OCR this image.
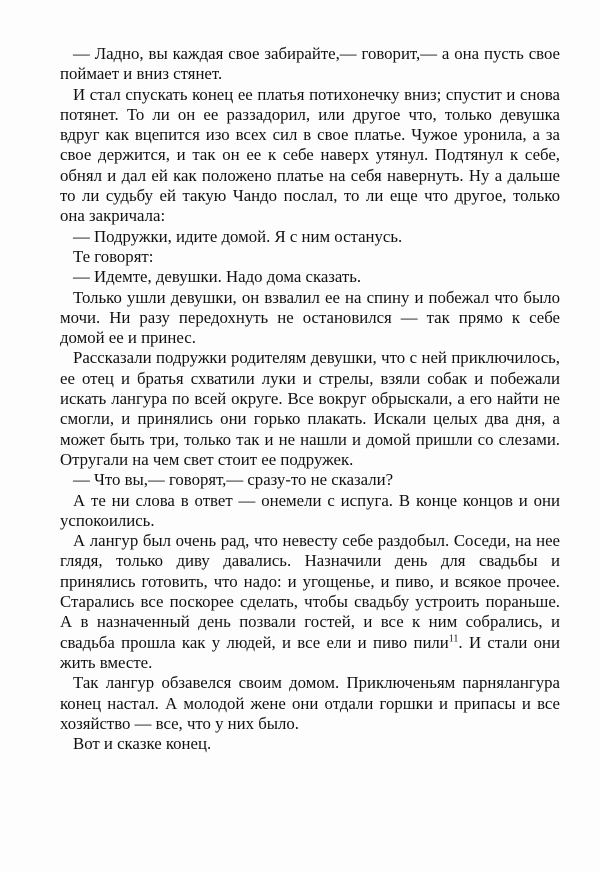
— Ладно, вы каждая свое забирайте,— говорит,— а она пусть свое поймает и вниз стянет.

И стал спускать конец ее платья потихонечку вниз; спустит и снова потянет. То ли он ее раззадорил, или другое что, только девушка вдруг как вцепится изо всех сил в свое платье. Чужое уронила, а за свое держится, и так он ее к себе наверх утянул. Подтянул к себе, обнял и дал ей как положено платье на себя навернуть. Ну а дальше то ли судьбу ей такую Чандо послал, то ли еще что другое, только она закричала:

— Подружки, идите домой. Я с ним останусь.

Те говорят:

— Идемте, девушки. Надо дома сказать.

Только ушли девушки, он взвалил ее на спину и побежал что было мочи. Ни разу передохнуть не остановился — так прямо к себе домой ее и принес.

Рассказали подружки родителям девушки, что с ней приключилось, ее отец и братья схватили луки и стрелы, взяли собак и побежали искать лангура по всей округе. Все вокруг обрыскали, а его найти не смогли, и принялись они горько плакать. Искали целых два дня, а может быть три, только так и не нашли и домой пришли со слезами. Отругали на чем свет стоит ее подружек.

— Что вы,— говорят,— сразу-то не сказали?

А те ни слова в ответ — онемели с испуга. В конце концов и они успокоились.

А лангур был очень рад, что невесту себе раздобыл. Соседи, на нее глядя, только диву давались. Назначили день для свадьбы и принялись готовить, что надо: и угощенье, и пиво, и всякое прочее. Старались все поскорее сделать, чтобы свадьбу устроить пораньше. А в назначенный день позвали гостей, и все к ним собрались, и свадьба прошла как у людей, и все ели и пиво пили$^{11}$. И стали они жить вместе.

Так лангур обзавелся своим домом. Приключеньям парнялангура конец настал. А молодой жене они отдали горшки и припасы и все хозяйство — все, что у них было.

Вот и сказке конец.
